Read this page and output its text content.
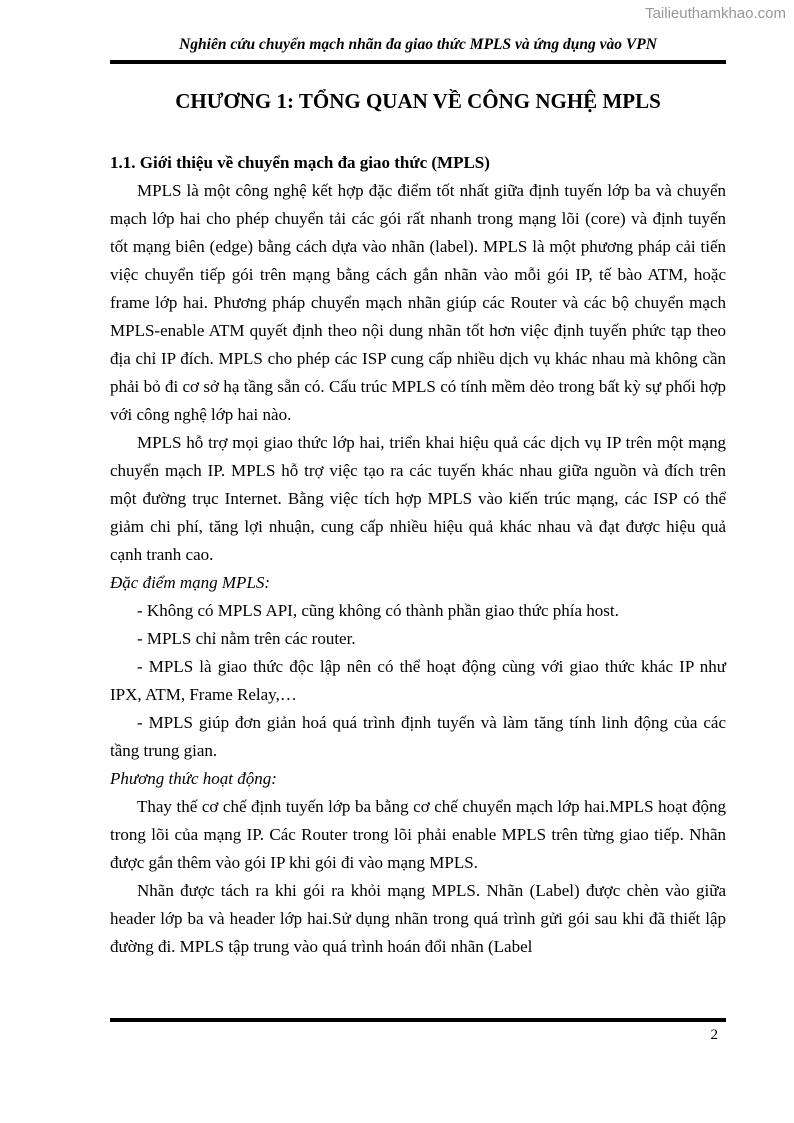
Tailieuthamkhao.com
Nghiên cứu chuyển mạch nhãn đa giao thức MPLS và ứng dụng vào VPN
CHƯƠNG 1: TỔNG QUAN VỀ CÔNG NGHỆ MPLS
1.1. Giới thiệu về chuyển mạch đa giao thức (MPLS)

MPLS là một công nghệ kết hợp đặc điểm tốt nhất giữa định tuyến lớp ba và chuyển mạch lớp hai cho phép chuyển tải các gói rất nhanh trong mạng lõi (core) và định tuyến tốt mạng biên (edge) bằng cách dựa vào nhãn (label). MPLS là một phương pháp cải tiến việc chuyển tiếp gói trên mạng bằng cách gắn nhãn vào mỗi gói IP, tế bào ATM, hoặc frame lớp hai. Phương pháp chuyển mạch nhãn giúp các Router và các bộ chuyển mạch MPLS-enable ATM quyết định theo nội dung nhãn tốt hơn việc định tuyến phức tạp theo địa chỉ IP đích. MPLS cho phép các ISP cung cấp nhiều dịch vụ khác nhau mà không cần phải bỏ đi cơ sở hạ tầng sẵn có. Cấu trúc MPLS có tính mềm dẻo trong bất kỳ sự phối hợp với công nghệ lớp hai nào.

MPLS hỗ trợ mọi giao thức lớp hai, triển khai hiệu quả các dịch vụ IP trên một mạng chuyển mạch IP. MPLS hỗ trợ việc tạo ra các tuyến khác nhau giữa nguồn và đích trên một đường trục Internet. Bằng việc tích hợp MPLS vào kiến trúc mạng, các ISP có thể giảm chi phí, tăng lợi nhuận, cung cấp nhiều hiệu quả khác nhau và đạt được hiệu quả cạnh tranh cao.

Đặc điểm mạng MPLS:

- Không có MPLS API, cũng không có thành phần giao thức phía host.

- MPLS chỉ nằm trên các router.

- MPLS là giao thức độc lập nên có thể hoạt động cùng với giao thức khác IP như IPX, ATM, Frame Relay,…

- MPLS giúp đơn giản hoá quá trình định tuyến và làm tăng tính linh động của các tầng trung gian.

Phương thức hoạt động:

Thay thế cơ chế định tuyến lớp ba bằng cơ chế chuyển mạch lớp hai.MPLS hoạt động trong lõi của mạng IP. Các Router trong lõi phải enable MPLS trên từng giao tiếp. Nhãn được gắn thêm vào gói IP khi gói đi vào mạng MPLS.

Nhãn được tách ra khi gói ra khỏi mạng MPLS. Nhãn (Label) được chèn vào giữa header lớp ba và header lớp hai.Sử dụng nhãn trong quá trình gửi gói sau khi đã thiết lập đường đi. MPLS tập trung vào quá trình hoán đổi nhãn (Label

2
